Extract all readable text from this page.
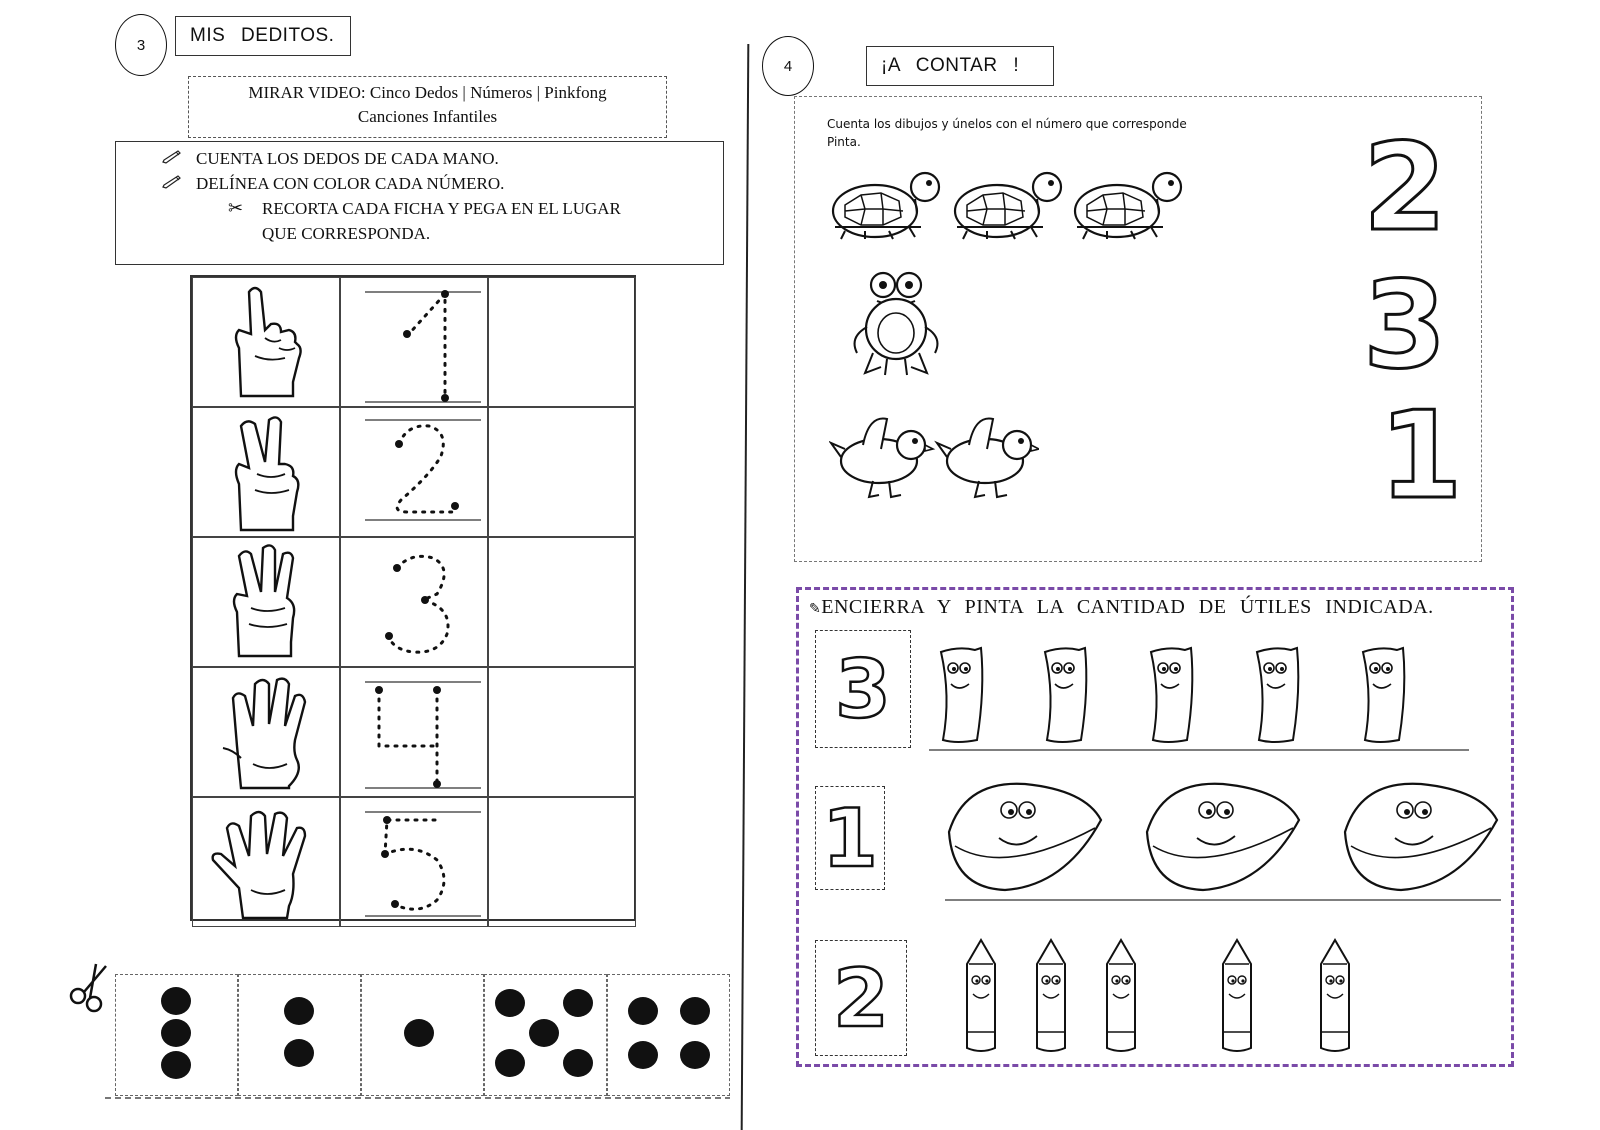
3	MIS DEDITOS.
MIRAR VIDEO: Cinco Dedos | Números | Pinkfong
Canciones Infantiles
CUENTA LOS DEDOS DE CADA MANO.
DELÍNEA CON COLOR CADA NÚMERO.
✂ RECORTA CADA FICHA Y PEGA EN EL LUGAR
QUE CORRESPONDA.
4	¡A CONTAR !
Cuenta los dibujos y únelos con el número que corresponde
Pinta.	2
3
1
✎ENCIERRA Y PINTA LA CANTIDAD DE ÚTILES INDICADA.
3
1
2
